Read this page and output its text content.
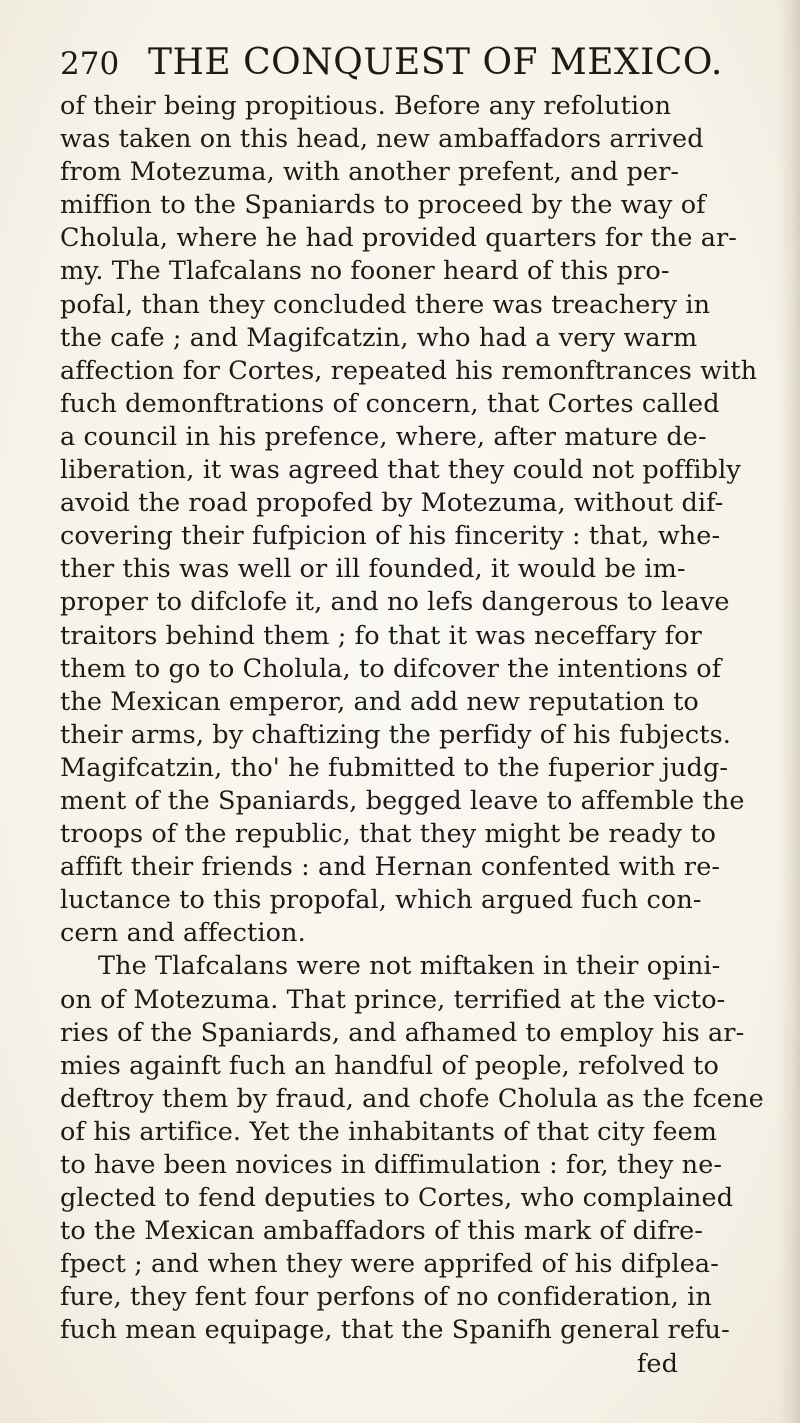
270 THE CONQUEST OF MEXICO.
of their being propitious. Before any refolution
was taken on this head, new ambaffadors arrived
from Motezuma, with another prefent, and per-
miffion to the Spaniards to proceed by the way of
Cholula, where he had provided quarters for the ar-
my. The Tlafcalans no fooner heard of this pro-
pofal, than they concluded there was treachery in
the cafe ; and Magifcatzin, who had a very warm
affection for Cortes, repeated his remonftrances with
fuch demonftrations of concern, that Cortes called
a council in his prefence, where, after mature de-
liberation, it was agreed that they could not poffibly
avoid the road propofed by Motezuma, without dif-
covering their fufpicion of his fincerity : that, whe-
ther this was well or ill founded, it would be im-
proper to difclofe it, and no lefs dangerous to leave
traitors behind them ; fo that it was neceffary for
them to go to Cholula, to difcover the intentions of
the Mexican emperor, and add new reputation to
their arms, by chaftizing the perfidy of his fubjects.
Magifcatzin, tho' he fubmitted to the fuperior judg-
ment of the Spaniards, begged leave to affemble the
troops of the republic, that they might be ready to
affift their friends : and Hernan confented with re-
luctance to this propofal, which argued fuch con-
cern and affection.
The Tlafcalans were not miftaken in their opini-
on of Motezuma. That prince, terrified at the victo-
ries of the Spaniards, and afhamed to employ his ar-
mies againft fuch an handful of people, refolved to
deftroy them by fraud, and chofe Cholula as the fcene
of his artifice. Yet the inhabitants of that city feem
to have been novices in diffimulation : for, they ne-
glected to fend deputies to Cortes, who complained
to the Mexican ambaffadors of this mark of difre-
fpect ; and when they were apprifed of his difplea-
fure, they fent four perfons of no confideration, in
fuch mean equipage, that the Spanifh general refu-
fed
